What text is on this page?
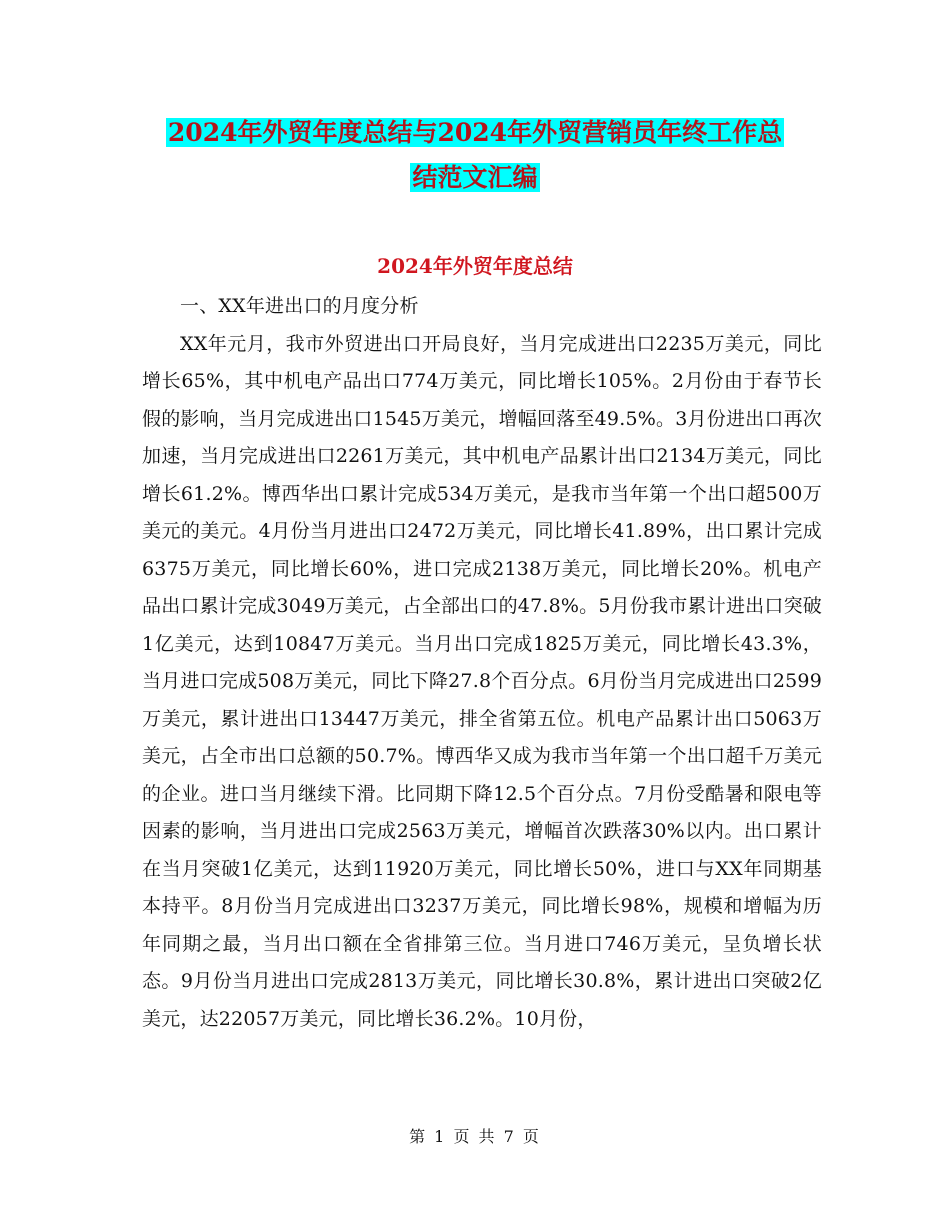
2024年外贸年度总结与2024年外贸营销员年终工作总
结范文汇编
2024年外贸年度总结

一、XX年进出口的月度分析

XX年元月，我市外贸进出口开局良好，当月完成进出口2235万美元，同比增长65%，其中机电产品出口774万美元，同比增长105%。2月份由于春节长假的影响，当月完成进出口1545万美元，增幅回落至49.5%。3月份进出口再次加速，当月完成进出口2261万美元，其中机电产品累计出口2134万美元，同比增长61.2%。博西华出口累计完成534万美元，是我市当年第一个出口超500万美元的美元。4月份当月进出口2472万美元，同比增长41.89%，出口累计完成6375万美元，同比增长60%，进口完成2138万美元，同比增长20%。机电产品出口累计完成3049万美元，占全部出口的47.8%。5月份我市累计进出口突破1亿美元，达到10847万美元。当月出口完成1825万美元，同比增长43.3%，当月进口完成508万美元，同比下降27.8个百分点。6月份当月完成进出口2599万美元，累计进出口13447万美元，排全省第五位。机电产品累计出口5063万美元，占全市出口总额的50.7%。博西华又成为我市当年第一个出口超千万美元的企业。进口当月继续下滑。比同期下降12.5个百分点。7月份受酷暑和限电等因素的影响，当月进出口完成2563万美元，增幅首次跌落30%以内。出口累计在当月突破1亿美元，达到11920万美元，同比增长50%，进口与XX年同期基本持平。8月份当月完成进出口3237万美元，同比增长98%，规模和增幅为历年同期之最，当月出口额在全省排第三位。当月进口746万美元，呈负增长状态。9月份当月进出口完成2813万美元，同比增长30.8%，累计进出口突破2亿美元，达22057万美元，同比增长36.2%。10月份，

第 1 页 共 7 页
